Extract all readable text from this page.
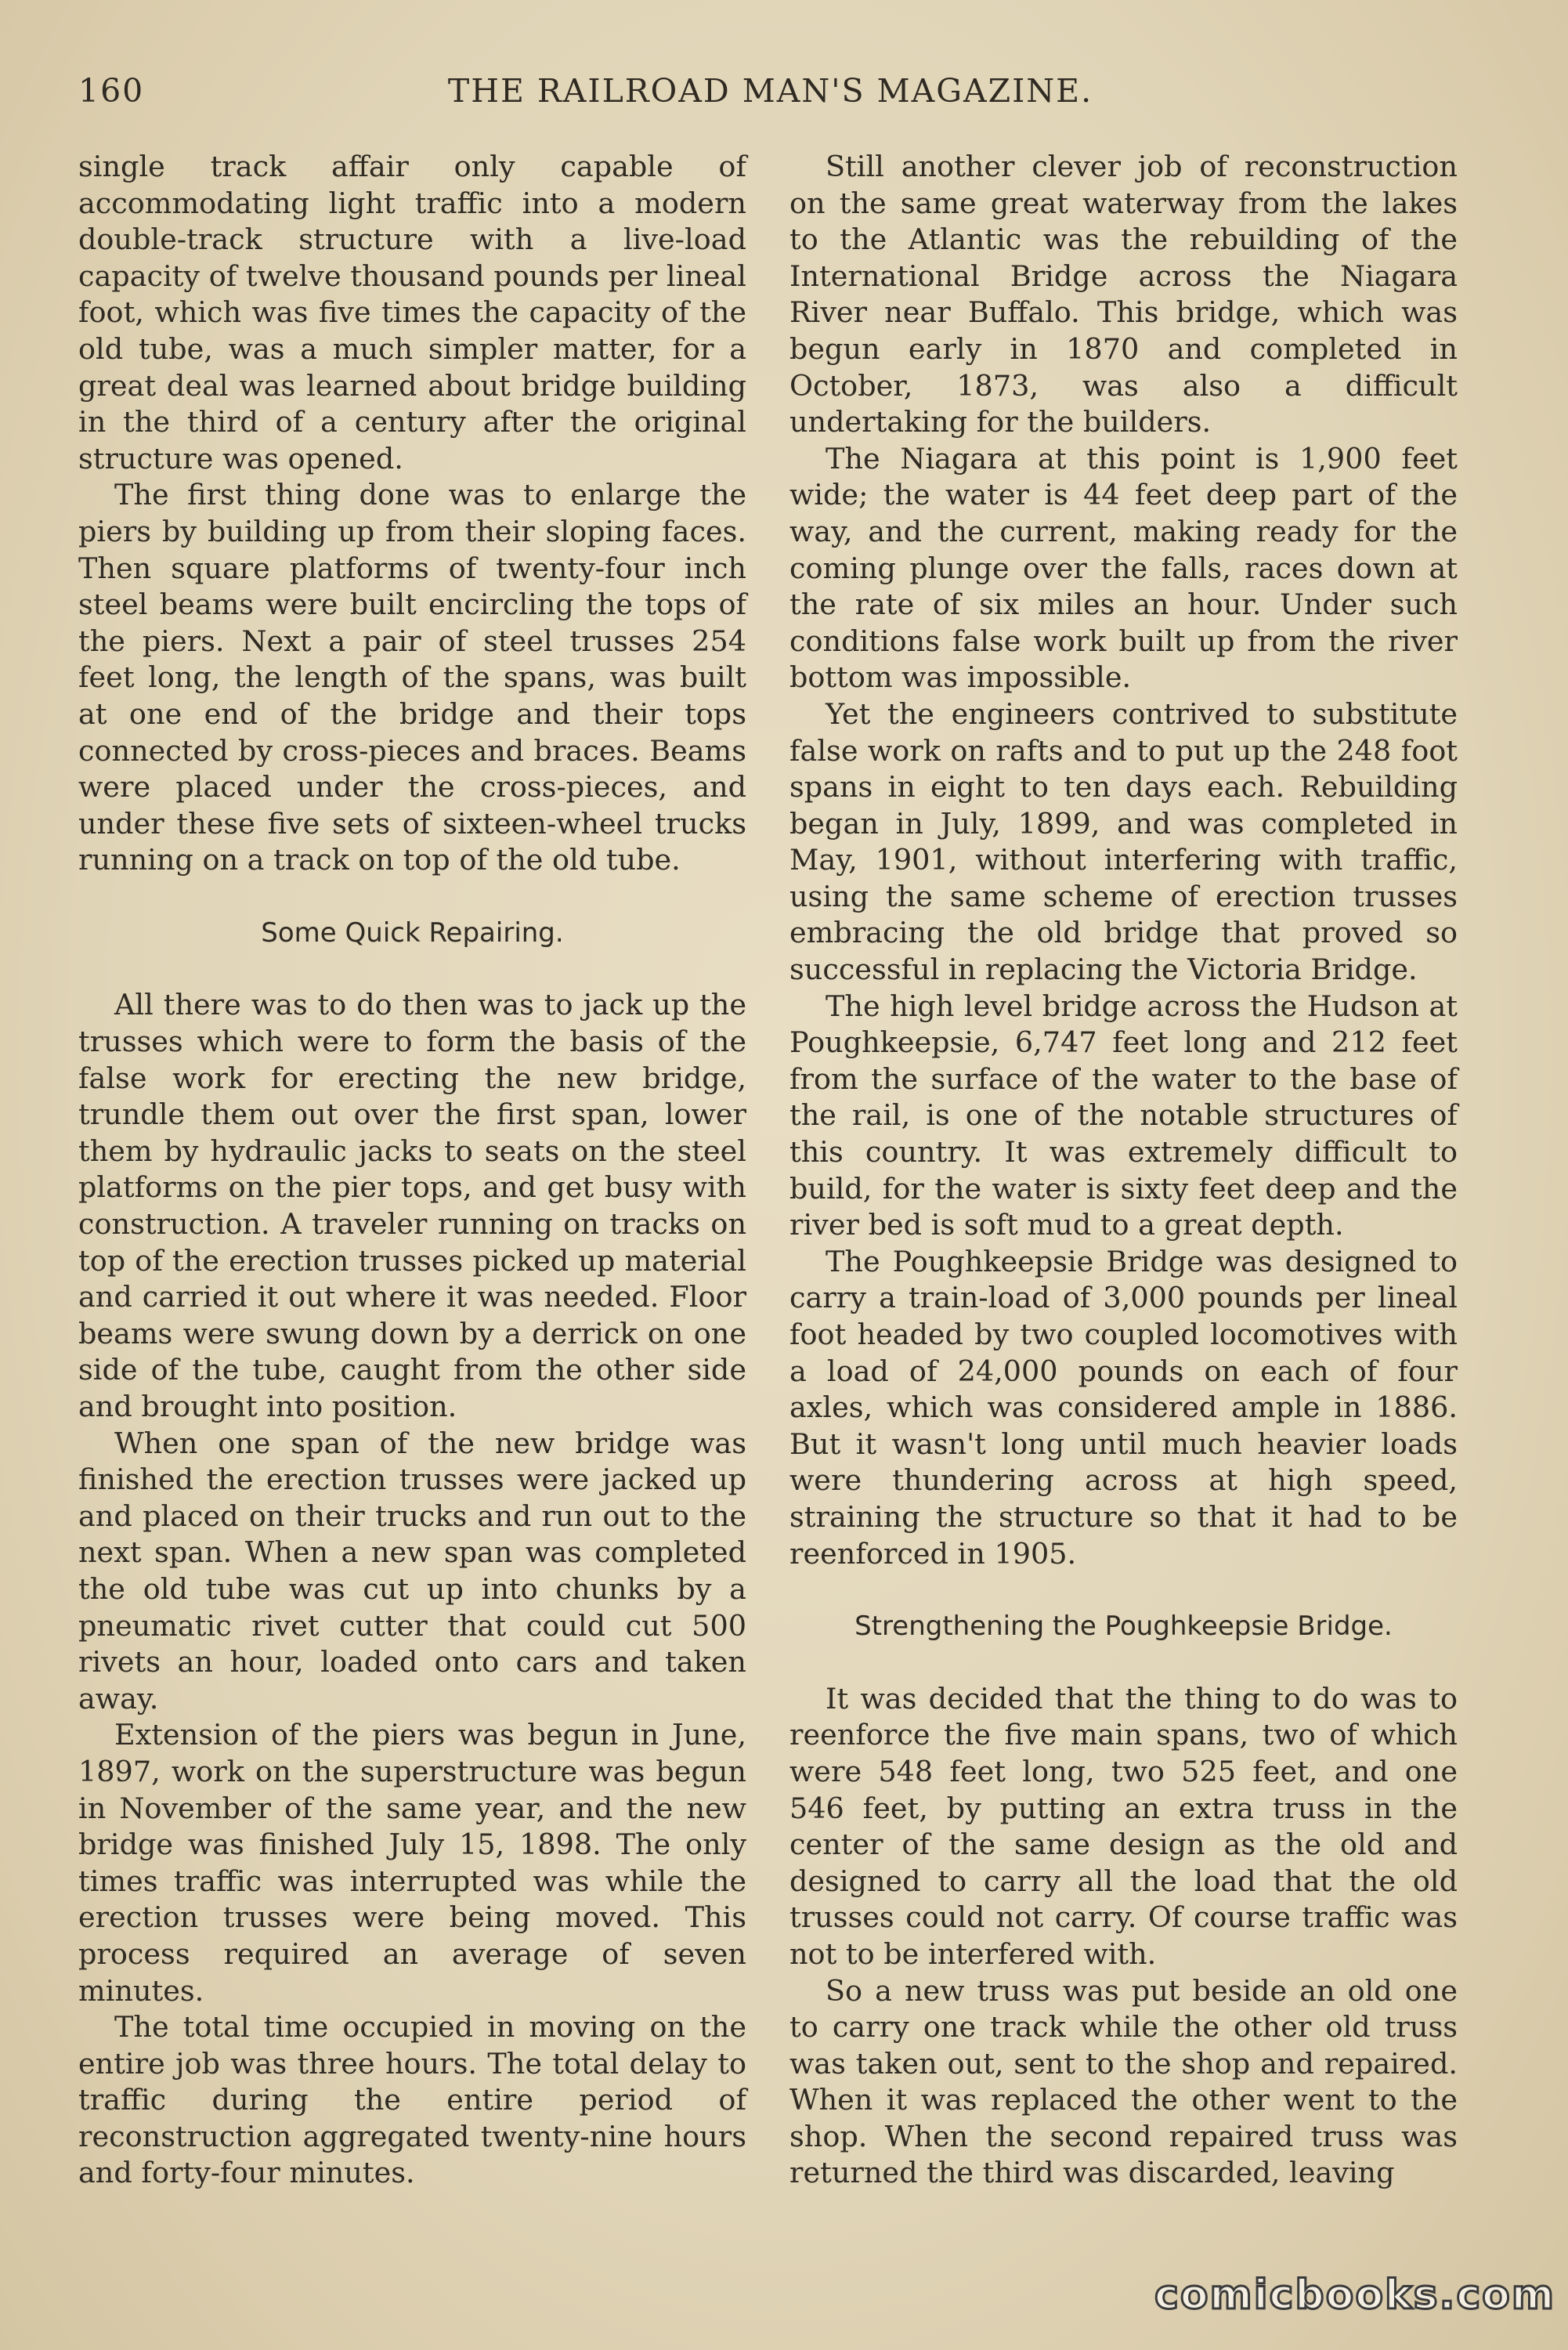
160	THE RAILROAD MAN'S MAGAZINE.

single track affair only capable of accommodating light traffic into a modern double-track structure with a live-load capacity of twelve thousand pounds per lineal foot, which was five times the capacity of the old tube, was a much simpler matter, for a great deal was learned about bridge building in the third of a century after the original structure was opened.

The first thing done was to enlarge the piers by building up from their sloping faces. Then square platforms of twenty-four inch steel beams were built encircling the tops of the piers. Next a pair of steel trusses 254 feet long, the length of the spans, was built at one end of the bridge and their tops connected by cross-pieces and braces. Beams were placed under the cross-pieces, and under these five sets of sixteen-wheel trucks running on a track on top of the old tube.

Some Quick Repairing.

All there was to do then was to jack up the trusses which were to form the basis of the false work for erecting the new bridge, trundle them out over the first span, lower them by hydraulic jacks to seats on the steel platforms on the pier tops, and get busy with construction. A traveler running on tracks on top of the erection trusses picked up material and carried it out where it was needed. Floor beams were swung down by a derrick on one side of the tube, caught from the other side and brought into position.

When one span of the new bridge was finished the erection trusses were jacked up and placed on their trucks and run out to the next span. When a new span was completed the old tube was cut up into chunks by a pneumatic rivet cutter that could cut 500 rivets an hour, loaded onto cars and taken away.

Extension of the piers was begun in June, 1897, work on the superstructure was begun in November of the same year, and the new bridge was finished July 15, 1898. The only times traffic was interrupted was while the erection trusses were being moved. This process required an average of seven minutes.

The total time occupied in moving on the entire job was three hours. The total delay to traffic during the entire period of reconstruction aggregated twenty-nine hours and forty-four minutes.

Still another clever job of reconstruction on the same great waterway from the lakes to the Atlantic was the rebuilding of the International Bridge across the Niagara River near Buffalo. This bridge, which was begun early in 1870 and completed in October, 1873, was also a difficult undertaking for the builders.

The Niagara at this point is 1,900 feet wide; the water is 44 feet deep part of the way, and the current, making ready for the coming plunge over the falls, races down at the rate of six miles an hour. Under such conditions false work built up from the river bottom was impossible.

Yet the engineers contrived to substitute false work on rafts and to put up the 248 foot spans in eight to ten days each. Rebuilding began in July, 1899, and was completed in May, 1901, without interfering with traffic, using the same scheme of erection trusses embracing the old bridge that proved so successful in replacing the Victoria Bridge.

The high level bridge across the Hudson at Poughkeepsie, 6,747 feet long and 212 feet from the surface of the water to the base of the rail, is one of the notable structures of this country. It was extremely difficult to build, for the water is sixty feet deep and the river bed is soft mud to a great depth.

The Poughkeepsie Bridge was designed to carry a train-load of 3,000 pounds per lineal foot headed by two coupled locomotives with a load of 24,000 pounds on each of four axles, which was considered ample in 1886. But it wasn't long until much heavier loads were thundering across at high speed, straining the structure so that it had to be reenforced in 1905.

Strengthening the Poughkeepsie Bridge.

It was decided that the thing to do was to reenforce the five main spans, two of which were 548 feet long, two 525 feet, and one 546 feet, by putting an extra truss in the center of the same design as the old and designed to carry all the load that the old trusses could not carry. Of course traffic was not to be interfered with.

So a new truss was put beside an old one to carry one track while the other old truss was taken out, sent to the shop and repaired. When it was replaced the other went to the shop. When the second repaired truss was returned the third was discarded, leaving

comicbooks.com
